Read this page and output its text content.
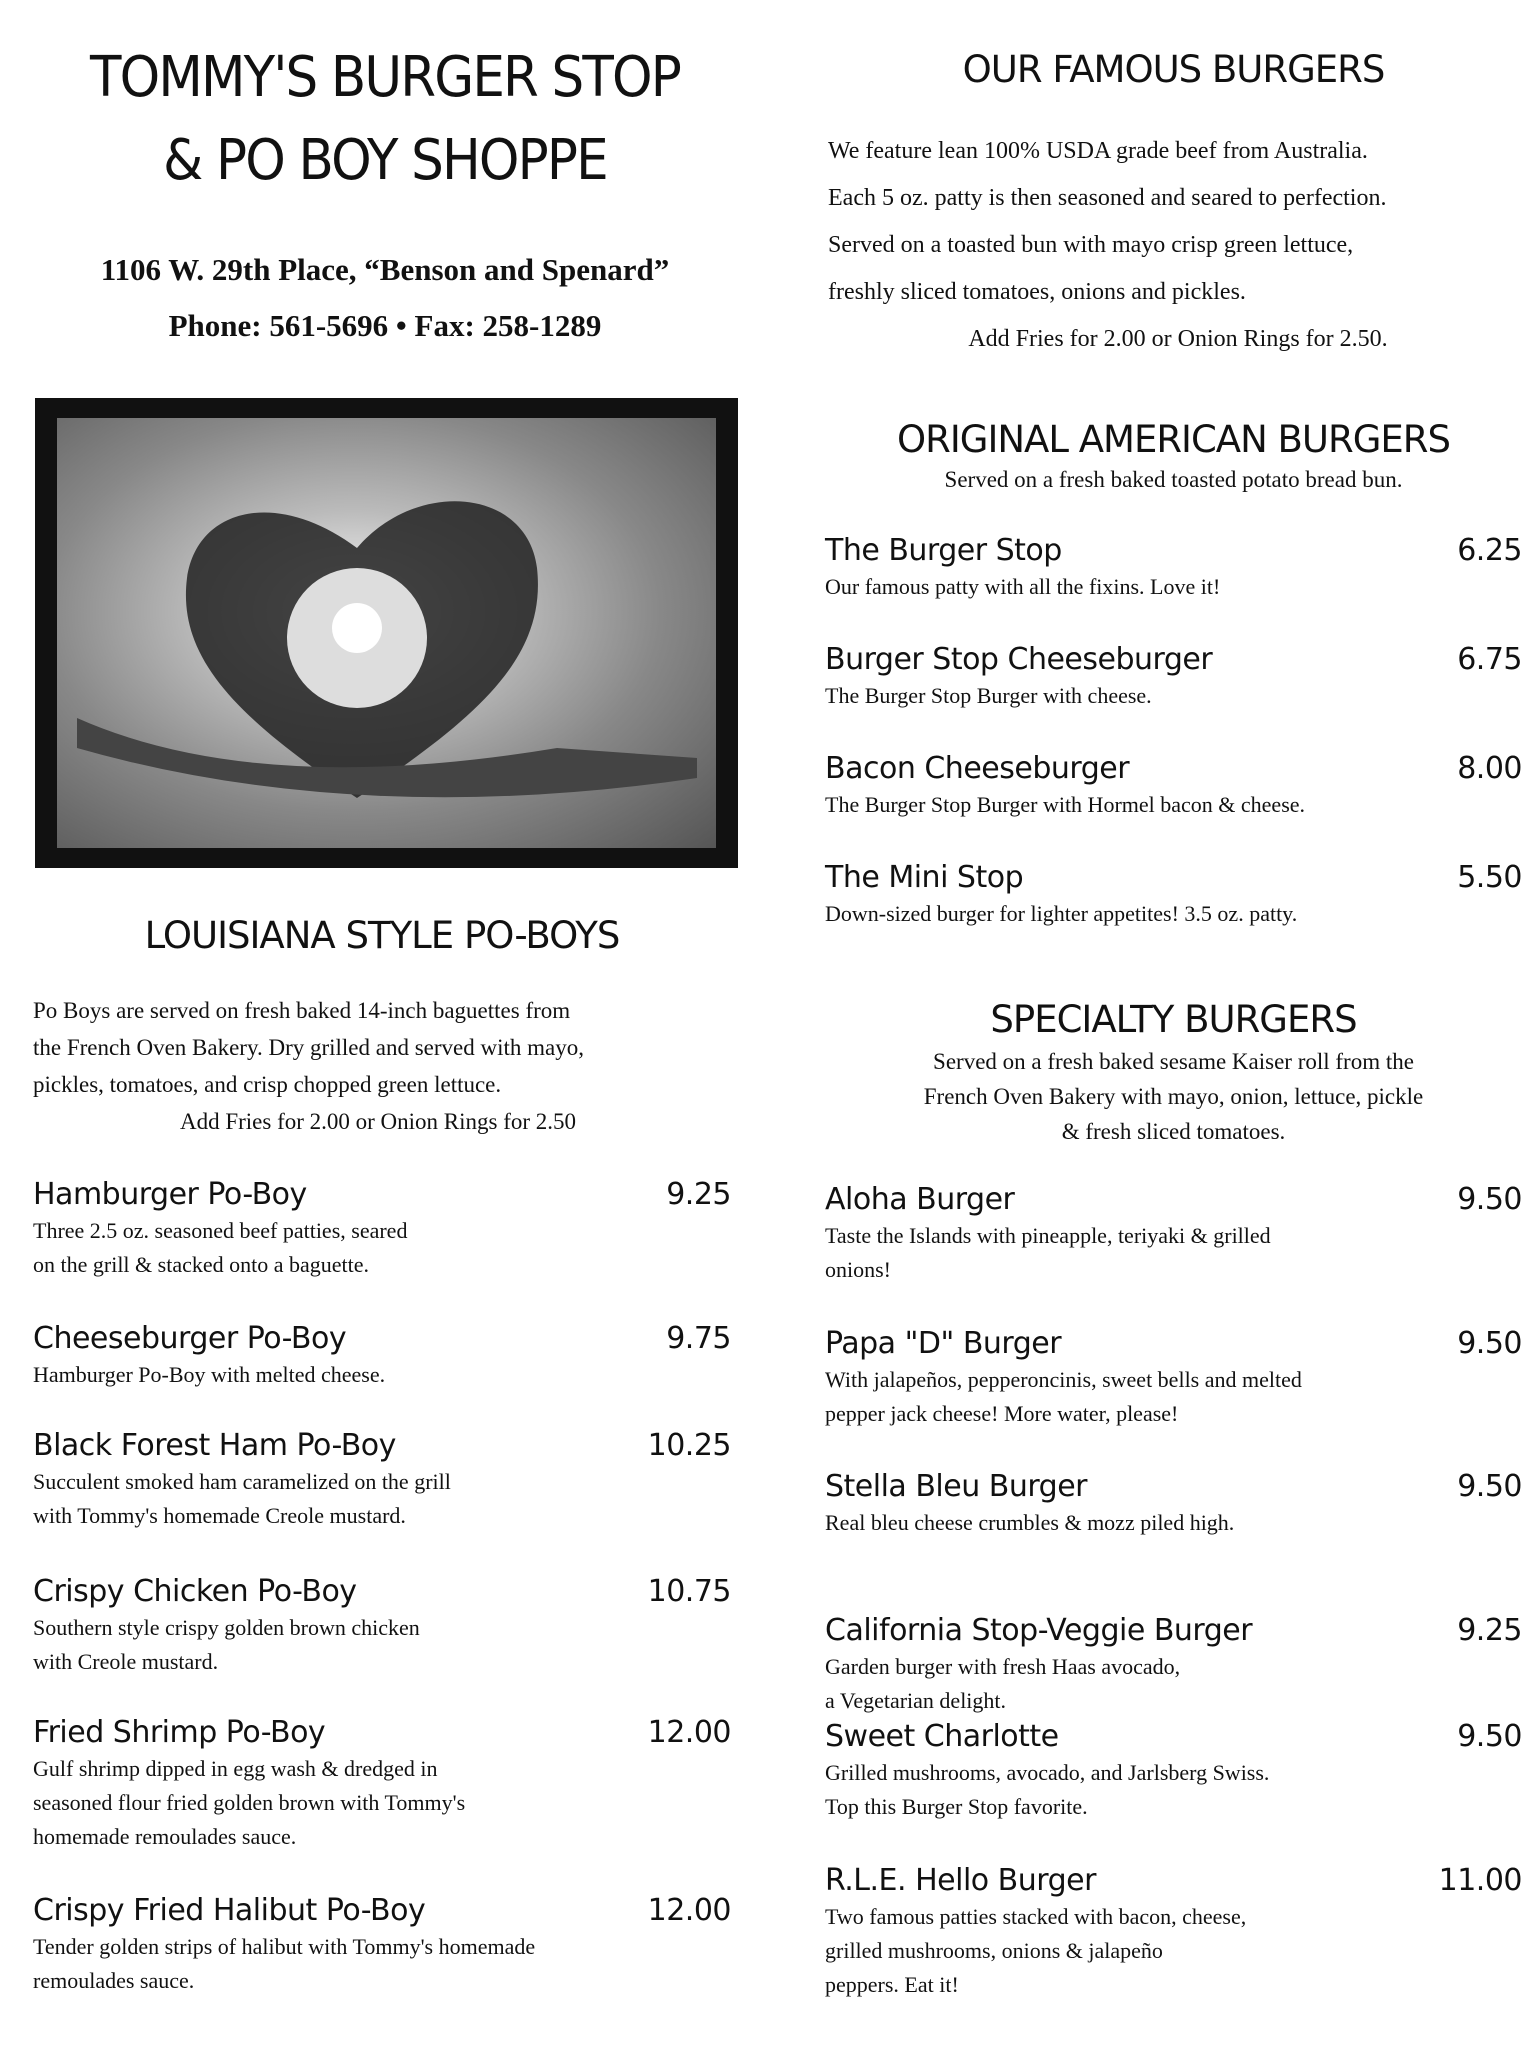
TOMMY'S BURGER STOP
& PO BOY SHOPPE
1106 W. 29th Place, “Benson and Spenard”
Phone: 561-5696 • Fax: 258-1289
OUR FAMOUS BURGERS
We feature lean 100% USDA grade beef from Australia.
Each 5 oz. patty is then seasoned and seared to perfection.
Served on a toasted bun with mayo crisp green lettuce,
freshly sliced tomatoes, onions and pickles.
Add Fries for 2.00 or Onion Rings for 2.50.
ORIGINAL AMERICAN BURGERS
Served on a fresh baked toasted potato bread bun.
SPECIALTY BURGERS
Served on a fresh baked sesame Kaiser roll from the
French Oven Bakery with mayo, onion, lettuce, pickle
& fresh sliced tomatoes.
LOUISIANA STYLE PO-BOYS
Po Boys are served on fresh baked 14-inch baguettes from
the French Oven Bakery. Dry grilled and served with mayo,
pickles, tomatoes, and crisp chopped green lettuce.
Add Fries for 2.00 or Onion Rings for 2.50
Hamburger Po-Boy	9.25
Three 2.5 oz. seasoned beef patties, seared
on the grill & stacked onto a baguette.
Cheeseburger Po-Boy	9.75
Hamburger Po-Boy with melted cheese.
Black Forest Ham Po-Boy	10.25
Succulent smoked ham caramelized on the grill
with Tommy's homemade Creole mustard.
Crispy Chicken Po-Boy	10.75
Southern style crispy golden brown chicken
with Creole mustard.
Fried Shrimp Po-Boy	12.00
Gulf shrimp dipped in egg wash & dredged in
seasoned flour fried golden brown with Tommy's
homemade remoulades sauce.
Crispy Fried Halibut Po-Boy	12.00
Tender golden strips of halibut with Tommy's homemade
remoulades sauce.
The Burger Stop	6.25
Our famous patty with all the fixins. Love it!
Burger Stop Cheeseburger	6.75
The Burger Stop Burger with cheese.
Bacon Cheeseburger	8.00
The Burger Stop Burger with Hormel bacon & cheese.
The Mini Stop	5.50
Down-sized burger for lighter appetites! 3.5 oz. patty.
Aloha Burger	9.50
Taste the Islands with pineapple, teriyaki & grilled
onions!
Papa "D" Burger	9.50
With jalapeños, pepperoncinis, sweet bells and melted
pepper jack cheese! More water, please!
Stella Bleu Burger	9.50
Real bleu cheese crumbles & mozz piled high.
California Stop-Veggie Burger	9.25
Garden burger with fresh Haas avocado,
a Vegetarian delight.
Sweet Charlotte	9.50
Grilled mushrooms, avocado, and Jarlsberg Swiss.
Top this Burger Stop favorite.
R.L.E. Hello Burger	11.00
Two famous patties stacked with bacon, cheese,
grilled mushrooms, onions & jalapeño
peppers. Eat it!
